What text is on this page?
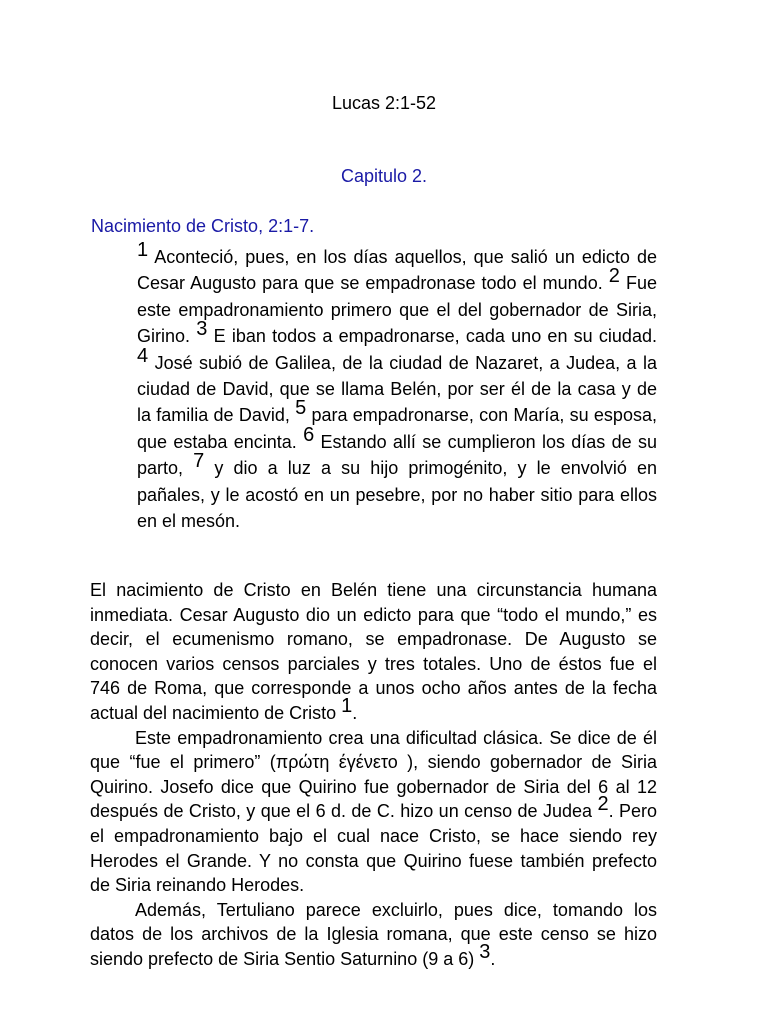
Lucas 2:1-52
Capitulo 2.
Nacimiento de Cristo, 2:1-7.
$^1$ Aconteció, pues, en los días aquellos, que salió un edicto de Cesar Augusto para que se empadronase todo el mundo. $^2$ Fue este empadronamiento primero que el del gobernador de Siria, Girino. $^3$ E iban todos a empadronarse, cada uno en su ciudad. $^4$ José subió de Galilea, de la ciudad de Nazaret, a Judea, a la ciudad de David, que se llama Belén, por ser él de la casa y de la familia de David, $^5$ para empadronarse, con María, su esposa, que estaba encinta. $^6$ Estando allí se cumplieron los días de su parto, $^7$ y dio a luz a su hijo primogénito, y le envolvió en pañales, y le acostó en un pesebre, por no haber sitio para ellos en el mesón.

El nacimiento de Cristo en Belén tiene una circunstancia humana inmediata. Cesar Augusto dio un edicto para que “todo el mundo,” es decir, el ecumenismo romano, se empadronase. De Augusto se conocen varios censos parciales y tres totales. Uno de éstos fue el 746 de Roma, que corresponde a unos ocho años antes de la fecha actual del nacimiento de Cristo $^1$.

Este empadronamiento crea una dificultad clásica. Se dice de él que “fue el primero” (πρώτη έγένετο ), siendo gobernador de Siria Quirino. Josefo dice que Quirino fue gobernador de Siria del 6 al 12 después de Cristo, y que el 6 d. de C. hizo un censo de Judea $^2$. Pero el empadronamiento bajo el cual nace Cristo, se hace siendo rey Herodes el Grande. Y no consta que Quirino fuese también prefecto de Siria reinando Herodes.

Además, Tertuliano parece excluirlo, pues dice, tomando los datos de los archivos de la Iglesia romana, que este censo se hizo siendo prefecto de Siria Sentio Saturnino (9 a 6) $^3$.
